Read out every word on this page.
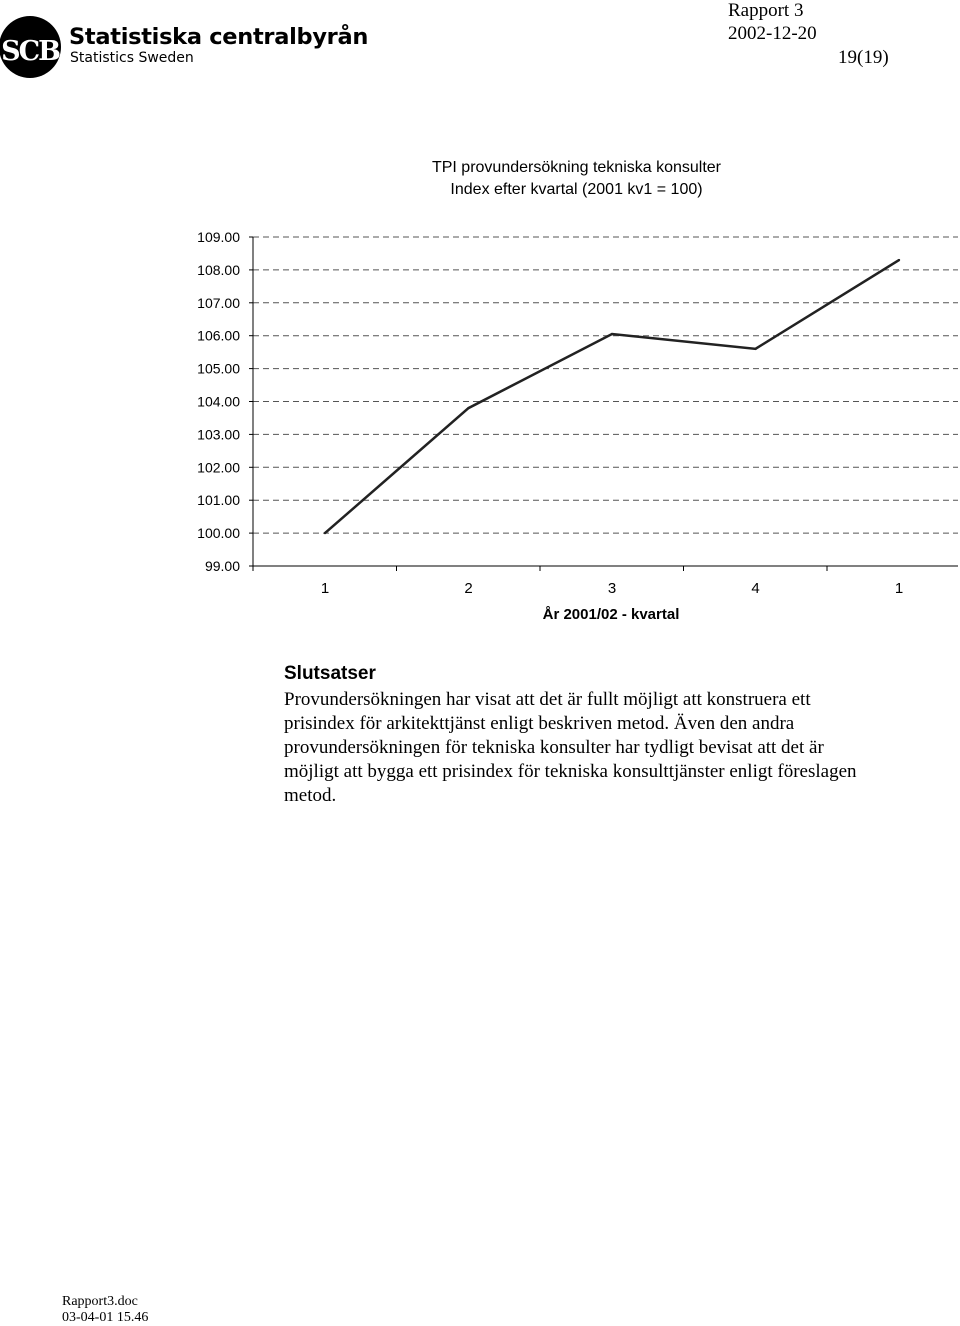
SCB Statistiska centralbyrån
Statistics Sweden
Rapport 3
2002-12-20
19(19)
TPI provundersökning tekniska konsulter
Index efter kvartal (2001 kv1 = 100)
99.00
100.00
101.00
102.00
103.00
104.00
105.00
106.00
107.00
108.00
109.00
1	2	3	4	1
År 2001/02 - kvartal
Slutsatser
Provundersökningen har visat att det är fullt möjligt att konstruera ett
prisindex för arkitekttjänst enligt beskriven metod. Även den andra
provundersökningen för tekniska konsulter har tydligt bevisat att det är
möjligt att bygga ett prisindex för tekniska konsulttjänster enligt föreslagen
metod.
Rapport3.doc
03-04-01 15.46
